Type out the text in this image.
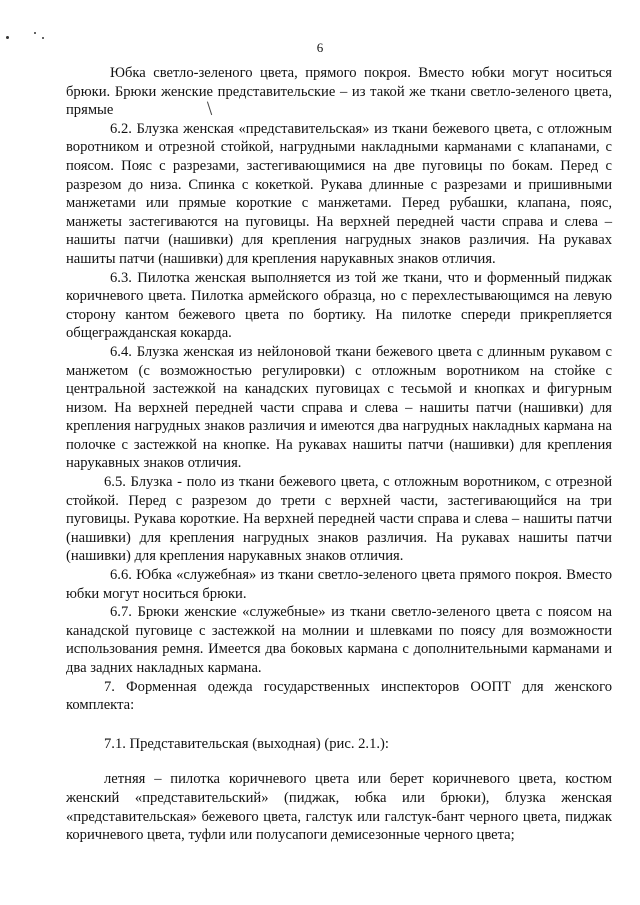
6

Юбка светло-зеленого цвета, прямого покроя. Вместо юбки могут носиться брюки. Брюки женские представительские – из такой же ткани светло-зеленого цвета, прямые

6.2. Блузка женская «представительская» из ткани бежевого цвета, с отложным воротником и отрезной стойкой, нагрудными накладными карманами с клапанами, с поясом. Пояс с разрезами, застегивающимися на две пуговицы по бокам. Перед с разрезом до низа. Спинка с кокеткой. Рукава длинные с разрезами и пришивными манжетами или прямые короткие с манжетами. Перед рубашки, клапана, пояс, манжеты застегиваются на пуговицы. На верхней передней части справа и слева – нашиты патчи (нашивки) для крепления нагрудных знаков различия. На рукавах нашиты патчи (нашивки) для крепления нарукавных знаков отличия.

6.3. Пилотка женская выполняется из той же ткани, что и форменный пиджак коричневого цвета. Пилотка армейского образца, но с перехлестывающимся на левую сторону кантом бежевого цвета по бортику. На пилотке спереди прикрепляется общегражданская кокарда.

6.4. Блузка женская из нейлоновой ткани бежевого цвета с длинным рукавом с манжетом (с возможностью регулировки) с отложным воротником на стойке с центральной застежкой на канадских пуговицах с тесьмой и кнопках и фигурным низом. На верхней передней части справа и слева – нашиты патчи (нашивки) для крепления нагрудных знаков различия и имеются два нагрудных накладных кармана на полочке с застежкой на кнопке. На рукавах нашиты патчи (нашивки) для крепления нарукавных знаков отличия.

6.5. Блузка - поло из ткани бежевого цвета, с отложным воротником, с отрезной стойкой. Перед с разрезом до трети с верхней части, застегивающийся на три пуговицы. Рукава короткие. На верхней передней части справа и слева – нашиты патчи (нашивки) для крепления нагрудных знаков различия. На рукавах нашиты патчи (нашивки) для крепления нарукавных знаков отличия.

6.6. Юбка «служебная» из ткани светло-зеленого цвета прямого покроя. Вместо юбки могут носиться брюки.

6.7. Брюки женские «служебные» из ткани светло-зеленого цвета с поясом на канадской пуговице с застежкой на молнии и шлевками по поясу для возможности использования ремня. Имеется два боковых кармана с дополнительными карманами и два задних накладных кармана.

7. Форменная одежда государственных инспекторов ООПТ для женского комплекта:

7.1. Представительская (выходная) (рис. 2.1.):

летняя – пилотка коричневого цвета или берет коричневого цвета, костюм женский «представительский» (пиджак, юбка или брюки), блузка женская «представительская» бежевого цвета, галстук или галстук-бант черного цвета, пиджак коричневого цвета, туфли или полусапоги демисезонные черного цвета;
